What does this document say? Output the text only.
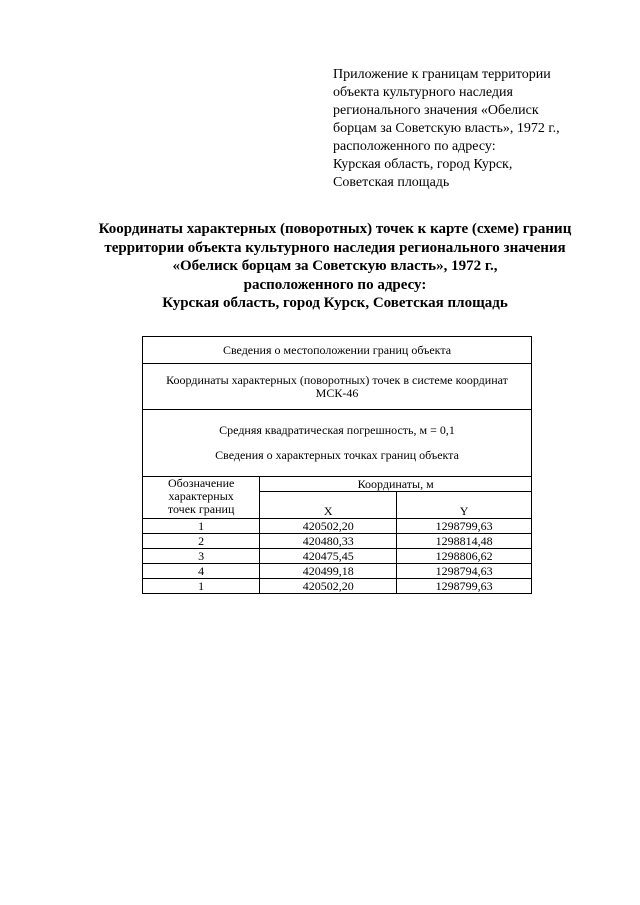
Приложение к границам территории
объекта культурного наследия
регионального значения «Обелиск
борцам за Советскую власть», 1972 г.,
расположенного по адресу:
Курская область, город Курск,
Советская площадь
Координаты характерных (поворотных) точек к карте (схеме) границ
территории объекта культурного наследия регионального значения
«Обелиск борцам за Советскую власть», 1972 г.,
расположенного по адресу:
Курская область, город Курск, Советская площадь
Сведения о местоположении границ объекта		
Координаты характерных (поворотных) точек в системе координат МСК-46		

Средняя квадратическая погрешность, м = 0,1
Сведения о характерных точках границ объекта		

Обозначение
характерных
точек границ	Координаты, м	
	X	Y
1	420502,20	1298799,63
2	420480,33	1298814,48
3	420475,45	1298806,62
4	420499,18	1298794,63
1	420502,20	1298799,63
